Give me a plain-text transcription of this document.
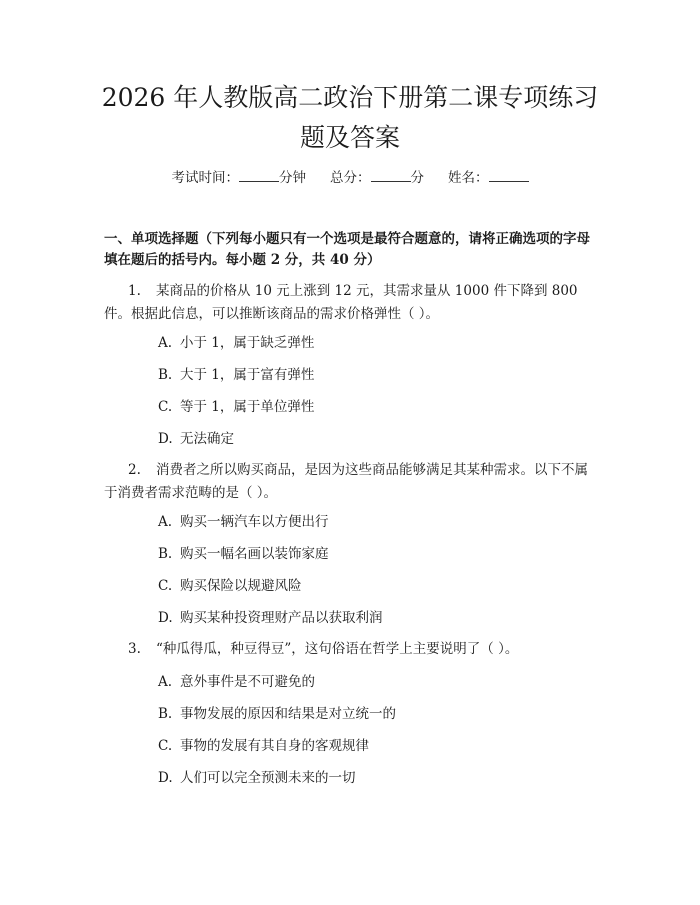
2026 年人教版高二政治下册第二课专项练习
题及答案
考试时间：	分钟 总分：	分 姓名：

一、单项选择题（下列每小题只有一个选项是最符合题意的，请将正确选项的字母填在题后的括号内。每小题 2 分，共 40 分）

1. 某商品的价格从 10 元上涨到 12 元，其需求量从 1000 件下降到 800 件。根据此信息，可以推断该商品的需求价格弹性（ ）。

A. 小于 1，属于缺乏弹性
B. 大于 1，属于富有弹性
C. 等于 1，属于单位弹性
D. 无法确定

2. 消费者之所以购买商品，是因为这些商品能够满足其某种需求。以下不属于消费者需求范畴的是（ ）。

A. 购买一辆汽车以方便出行
B. 购买一幅名画以装饰家庭
C. 购买保险以规避风险
D. 购买某种投资理财产品以获取利润

3. “种瓜得瓜，种豆得豆”，这句俗语在哲学上主要说明了（ ）。

A. 意外事件是不可避免的
B. 事物发展的原因和结果是对立统一的
C. 事物的发展有其自身的客观规律
D. 人们可以完全预测未来的一切
